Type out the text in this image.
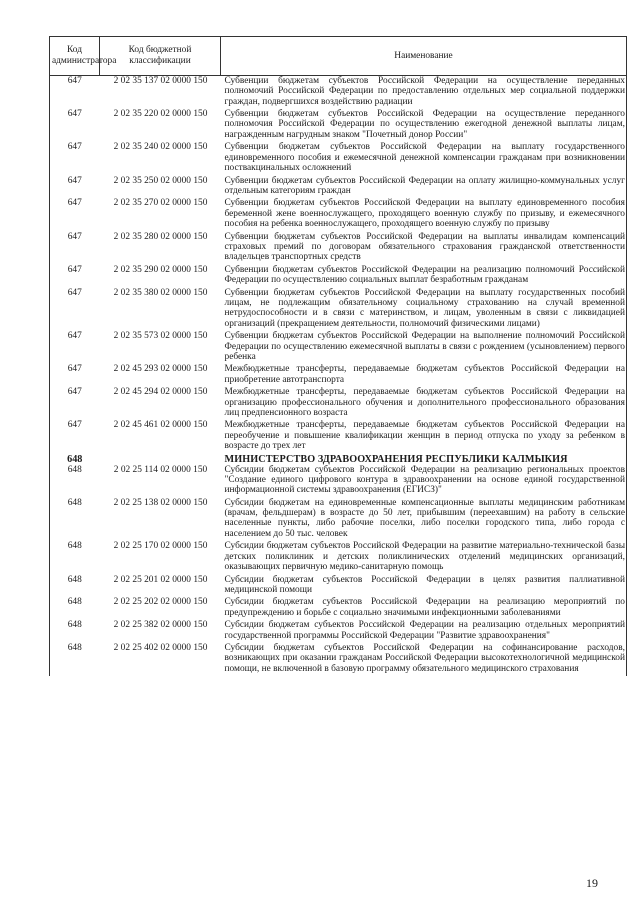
Код администратора	Код бюджетной классификации	Наименование
647	2 02 35 137 02 0000 150	Субвенции бюджетам субъектов Российской Федерации на осуществление переданных полномочий Российской Федерации по предоставлению отдельных мер социальной поддержки граждан, подвергшихся воздействию радиации
647	2 02 35 220 02 0000 150	Субвенции бюджетам субъектов Российской Федерации на осуществление переданного полномочия Российской Федерации по осуществлению ежегодной денежной выплаты лицам, награжденным нагрудным знаком "Почетный донор России"
647	2 02 35 240 02 0000 150	Субвенции бюджетам субъектов Российской Федерации на выплату государственного единовременного пособия и ежемесячной денежной компенсации гражданам при возникновении поствакцинальных осложнений
647	2 02 35 250 02 0000 150	Субвенции бюджетам субъектов Российской Федерации на оплату жилищно-коммунальных услуг отдельным категориям граждан
647	2 02 35 270 02 0000 150	Субвенции бюджетам субъектов Российской Федерации на выплату единовременного пособия беременной жене военнослужащего, проходящего военную службу по призыву, и ежемесячного пособия на ребенка военнослужащего, проходящего военную службу по призыву
647	2 02 35 280 02 0000 150	Субвенции бюджетам субъектов Российской Федерации на выплаты инвалидам компенсаций страховых премий по договорам обязательного страхования гражданской ответственности владельцев транспортных средств
647	2 02 35 290 02 0000 150	Субвенции бюджетам субъектов Российской Федерации на реализацию полномочий Российской Федерации по осуществлению социальных выплат безработным гражданам
647	2 02 35 380 02 0000 150	Субвенции бюджетам субъектов Российской Федерации на выплату государственных пособий лицам, не подлежащим обязательному социальному страхованию на случай временной нетрудоспособности и в связи с материнством, и лицам, уволенным в связи с ликвидацией организаций (прекращением деятельности, полномочий физическими лицами)
647	2 02 35 573 02 0000 150	Субвенции бюджетам субъектов Российской Федерации на выполнение полномочий Российской Федерации по осуществлению ежемесячной выплаты в связи с рождением (усыновлением) первого ребенка
647	2 02 45 293 02 0000 150	Межбюджетные трансферты, передаваемые бюджетам субъектов Российской Федерации на приобретение автотранспорта
647	2 02 45 294 02 0000 150	Межбюджетные трансферты, передаваемые бюджетам субъектов Российской Федерации на организацию профессионального обучения и дополнительного профессионального образования лиц предпенсионного возраста
647	2 02 45 461 02 0000 150	Межбюджетные трансферты, передаваемые бюджетам субъектов Российской Федерации на переобучение и повышение квалификации женщин в период отпуска по уходу за ребенком в возрасте до трех лет
648		МИНИСТЕРСТВО ЗДРАВООХРАНЕНИЯ РЕСПУБЛИКИ КАЛМЫКИЯ
648	2 02 25 114 02 0000 150	Субсидии бюджетам субъектов Российской Федерации на реализацию региональных проектов "Создание единого цифрового контура в здравоохранении на основе единой государственной информационной системы здравоохранения (ЕГИСЗ)"
648	2 02 25 138 02 0000 150	Субсидии бюджетам на единовременные компенсационные выплаты медицинским работникам (врачам, фельдшерам) в возрасте до 50 лет, прибывшим (переехавшим) на работу в сельские населенные пункты, либо рабочие поселки, либо поселки городского типа, либо города с населением до 50 тыс. человек
648	2 02 25 170 02 0000 150	Субсидии бюджетам субъектов Российской Федерации на развитие материально-технической базы детских поликлиник и детских поликлинических отделений медицинских организаций, оказывающих первичную медико-санитарную помощь
648	2 02 25 201 02 0000 150	Субсидии бюджетам субъектов Российской Федерации в целях развития паллиативной медицинской помощи
648	2 02 25 202 02 0000 150	Субсидии бюджетам субъектов Российской Федерации на реализацию мероприятий по предупреждению и борьбе с социально значимыми инфекционными заболеваниями
648	2 02 25 382 02 0000 150	Субсидии бюджетам субъектов Российской Федерации на реализацию отдельных мероприятий государственной программы Российской Федерации "Развитие здравоохранения"
648	2 02 25 402 02 0000 150	Субсидии бюджетам субъектов Российской Федерации на софинансирование расходов, возникающих при оказании гражданам Российской Федерации высокотехнологичной медицинской помощи, не включенной в базовую программу обязательного медицинского страхования
19
